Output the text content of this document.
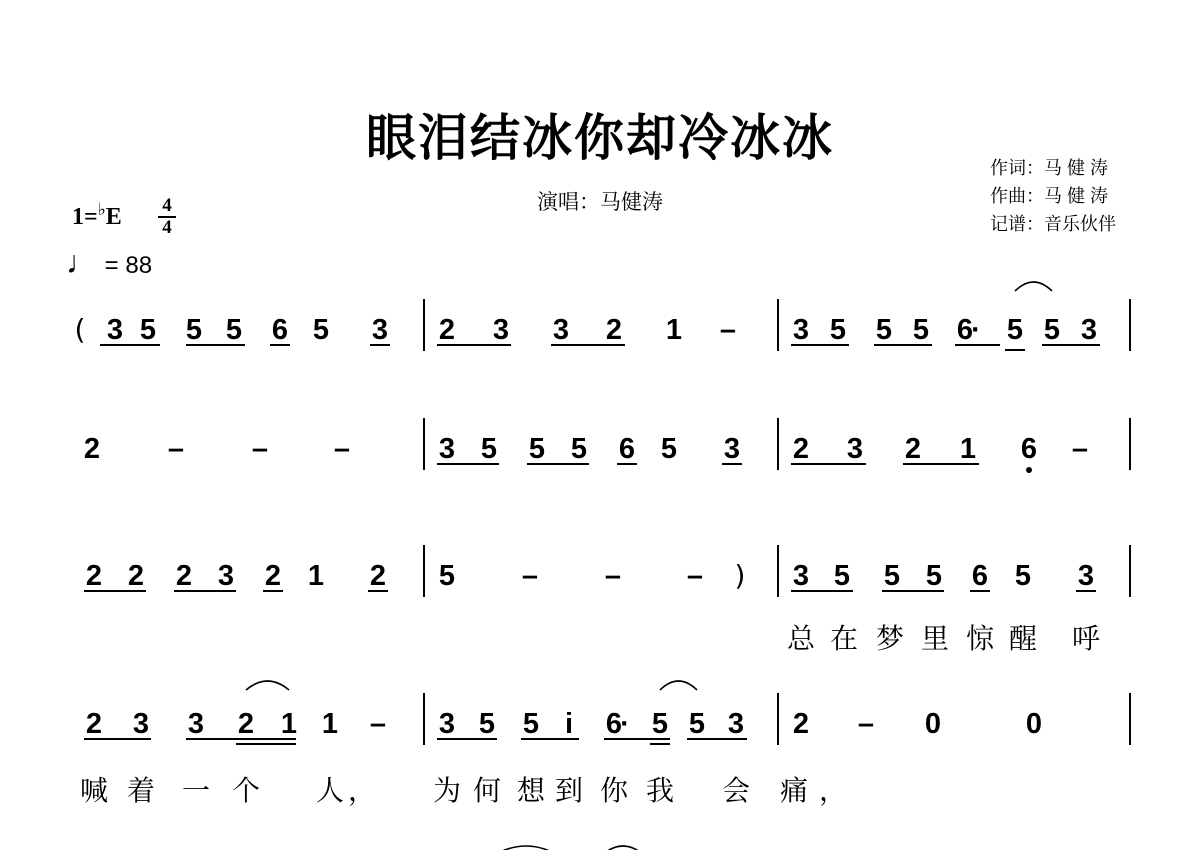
眼泪结冰你却冷冰冰
演唱：马健涛
作词：马 健 涛
作曲：马 健 涛
记谱：音乐伙伴
1=♭E 4
4
♩ = 88
( 3 5 5 5 6 5 3 2 3 3 2 1 – 3 5 5 5 6
· 5 5 3
2 – – –	3 5 5 5 6 5 3 2 3 2 1 6 –
2 2 2 3 2 1 2 5 – – – ) 3 5 5 5 6 5 3
2 3 3 2 1 1 – 3 5 5 i 6
· 5 5 3 2 – 0	0
总 在 梦 里 惊 醒 呼
喊 着 一 个 人 ， 为 何 想 到 你 我 会 痛 ，
